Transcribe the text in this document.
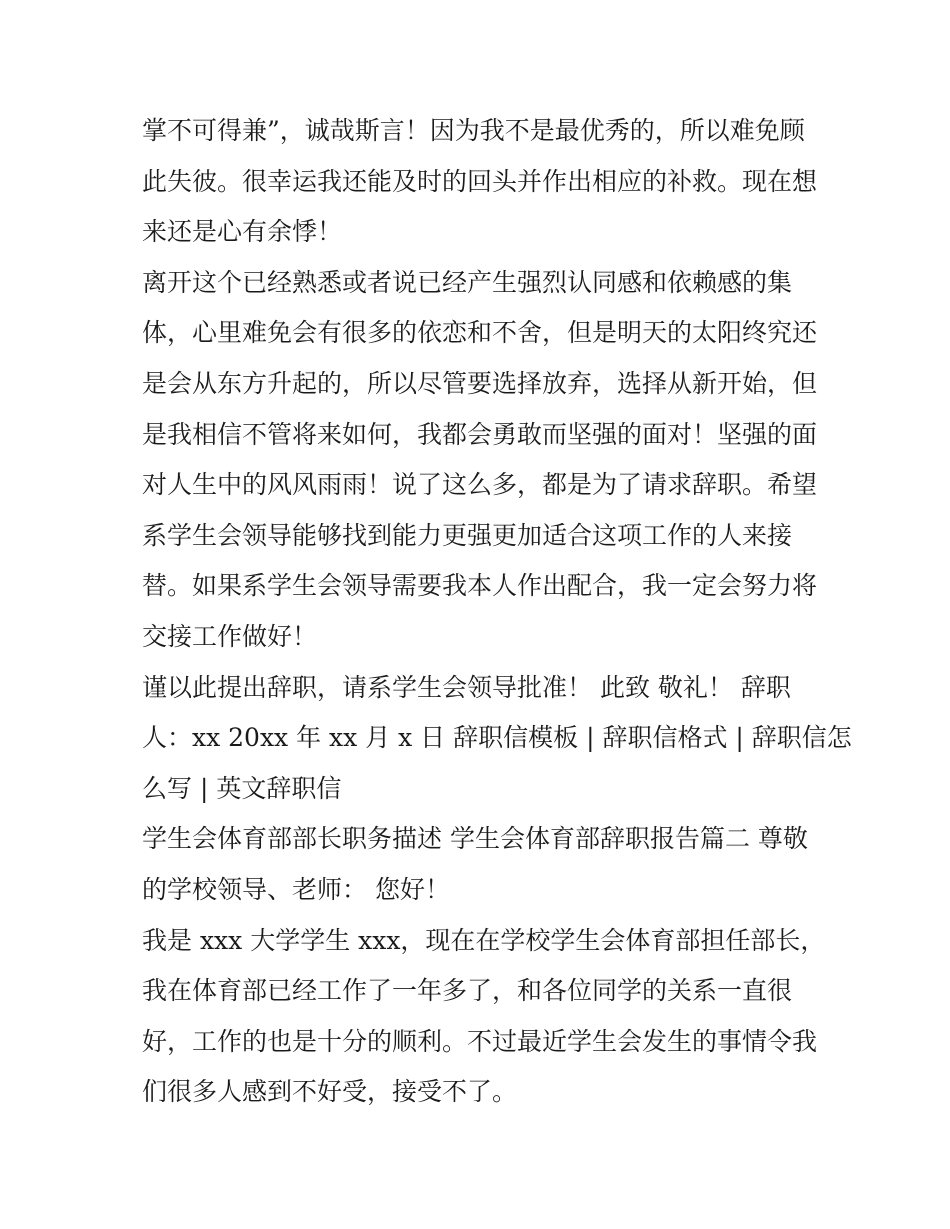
掌不可得兼”，诚哉斯言！因为我不是最优秀的，所以难免顾
此失彼。很幸运我还能及时的回头并作出相应的补救。现在想
来还是心有余悸！

离开这个已经熟悉或者说已经产生强烈认同感和依赖感的集
体，心里难免会有很多的依恋和不舍，但是明天的太阳终究还
是会从东方升起的，所以尽管要选择放弃，选择从新开始，但
是我相信不管将来如何，我都会勇敢而坚强的面对！坚强的面
对人生中的风风雨雨！说了这么多，都是为了请求辞职。希望
系学生会领导能够找到能力更强更加适合这项工作的人来接
替。如果系学生会领导需要我本人作出配合，我一定会努力将
交接工作做好！

谨以此提出辞职，请系学生会领导批准！ 此致 敬礼！ 辞职
人：xx 20xx 年 xx 月 x 日 辞职信模板 | 辞职信格式 | 辞职信怎
么写 | 英文辞职信

学生会体育部部长职务描述 学生会体育部辞职报告篇二 尊敬
的学校领导、老师： 您好！

我是 xxx 大学学生 xxx，现在在学校学生会体育部担任部长，
我在体育部已经工作了一年多了，和各位同学的关系一直很
好，工作的也是十分的顺利。不过最近学生会发生的事情令我
们很多人感到不好受，接受不了。
